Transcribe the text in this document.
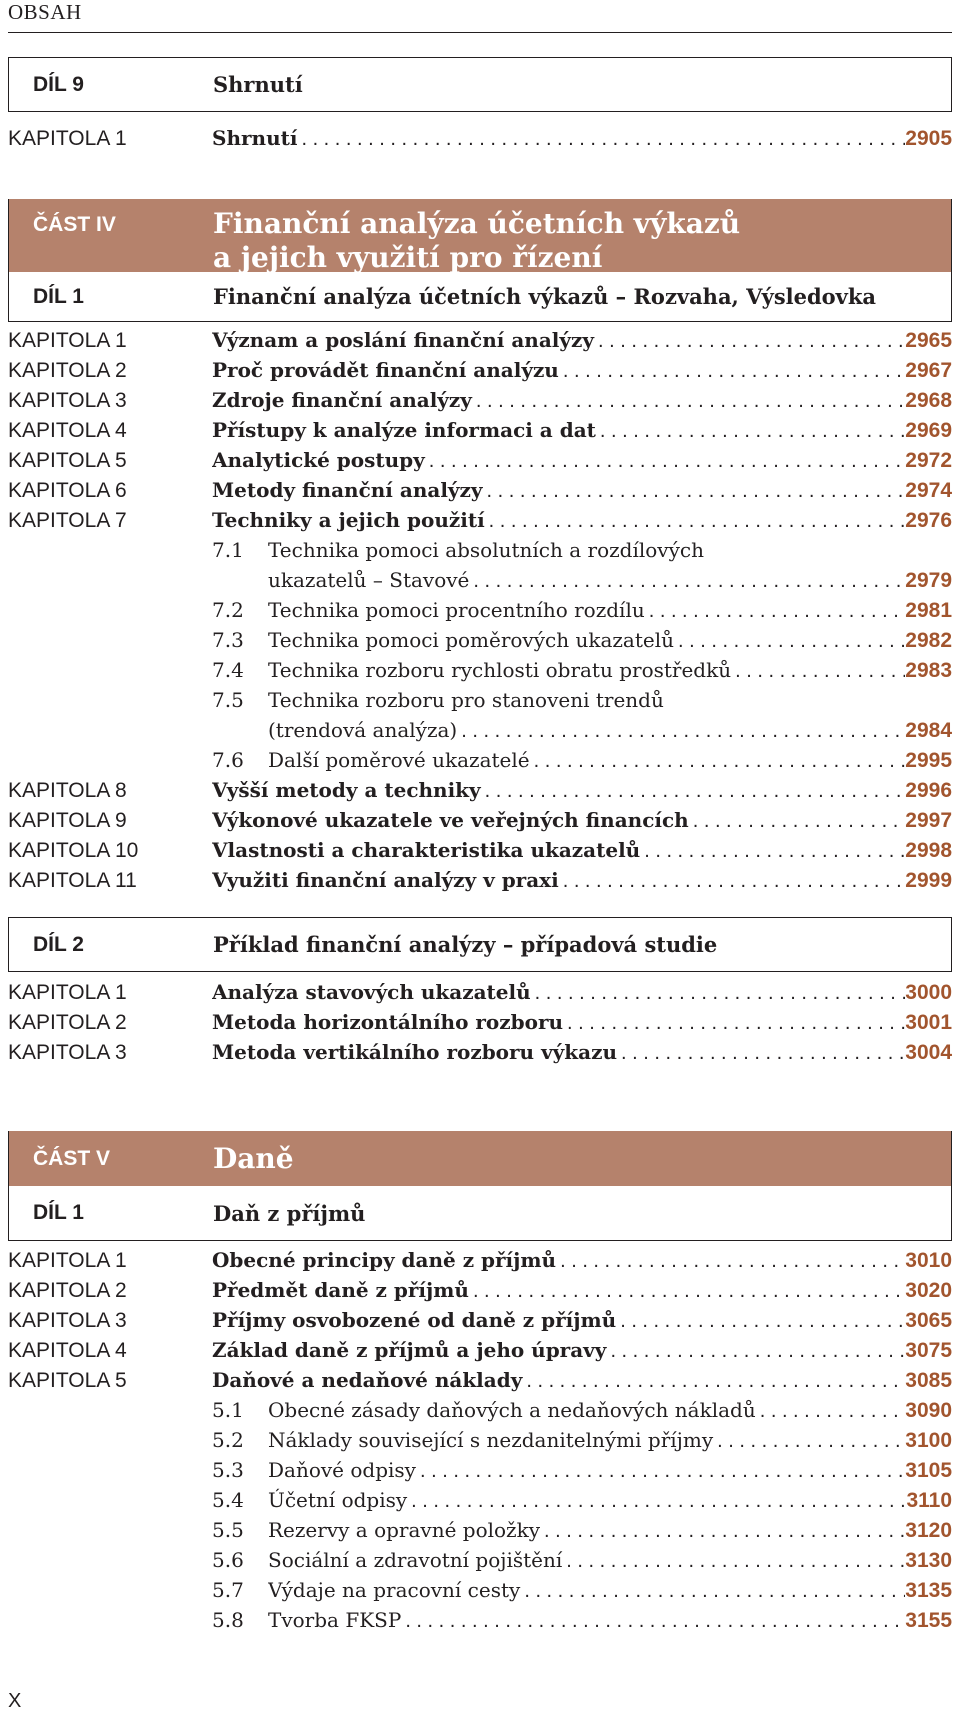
OBSAH
DÍL 9	Shrnutí
KAPITOLA 1	Shrnutí . . .	2905
ČÁST IV	Finanční analýza účetních výkazů
a jejich využití pro řízení
DÍL 1	Finanční analýza účetních výkazů – Rozvaha, Výsledovka
KAPITOLA 1	Význam a poslání finanční analýzy . . .	2965
KAPITOLA 2	Proč provádět finanční analýzu . . .	2967
KAPITOLA 3	Zdroje finanční analýzy . . .	2968
KAPITOLA 4	Přístupy k analýze informaci a dat . . .	2969
KAPITOLA 5	Analytické postupy . . .	2972
KAPITOLA 6	Metody finanční analýzy . . .	2974
KAPITOLA 7	Techniky a jejich použití . . .	2976
7.1	Technika pomoci absolutních a rozdílových
ukazatelů – Stavové . . .	2979
7.2	Technika pomoci procentního rozdílu . . .	2981
7.3	Technika pomoci poměrových ukazatelů . . .	2982
7.4	Technika rozboru rychlosti obratu prostředků . . .	2983
7.5	Technika rozboru pro stanoveni trendů
(trendová analýza) . . .	2984
7.6	Další poměrové ukazatelé . . .	2995
KAPITOLA 8	Vyšší metody a techniky . . .	2996
KAPITOLA 9	Výkonové ukazatele ve veřejných financích . . .	2997
KAPITOLA 10	Vlastnosti a charakteristika ukazatelů . . .	2998
KAPITOLA 11	Využiti finanční analýzy v praxi . . .	2999
DÍL 2	Příklad finanční analýzy – případová studie
KAPITOLA 1	Analýza stavových ukazatelů . . .	3000
KAPITOLA 2	Metoda horizontálního rozboru . . .	3001
KAPITOLA 3	Metoda vertikálního rozboru výkazu . . .	3004
ČÁST V	Daně
DÍL 1	Daň z příjmů
KAPITOLA 1	Obecné principy daně z příjmů . . .	3010
KAPITOLA 2	Předmět daně z příjmů . . .	3020
KAPITOLA 3	Příjmy osvobozené od daně z příjmů . . .	3065
KAPITOLA 4	Základ daně z příjmů a jeho úpravy . . .	3075
KAPITOLA 5	Daňové a nedaňové náklady . . .	3085
5.1	Obecné zásady daňových a nedaňových nákladů . . .	3090
5.2	Náklady související s nezdanitelnými příjmy . . .	3100
5.3	Daňové odpisy . . .	3105
5.4	Účetní odpisy . . .	3110
5.5	Rezervy a opravné položky . . .	3120
5.6	Sociální a zdravotní pojištění . . .	3130
5.7	Výdaje na pracovní cesty . . .	3135
5.8	Tvorba FKSP . . .	3155
X
